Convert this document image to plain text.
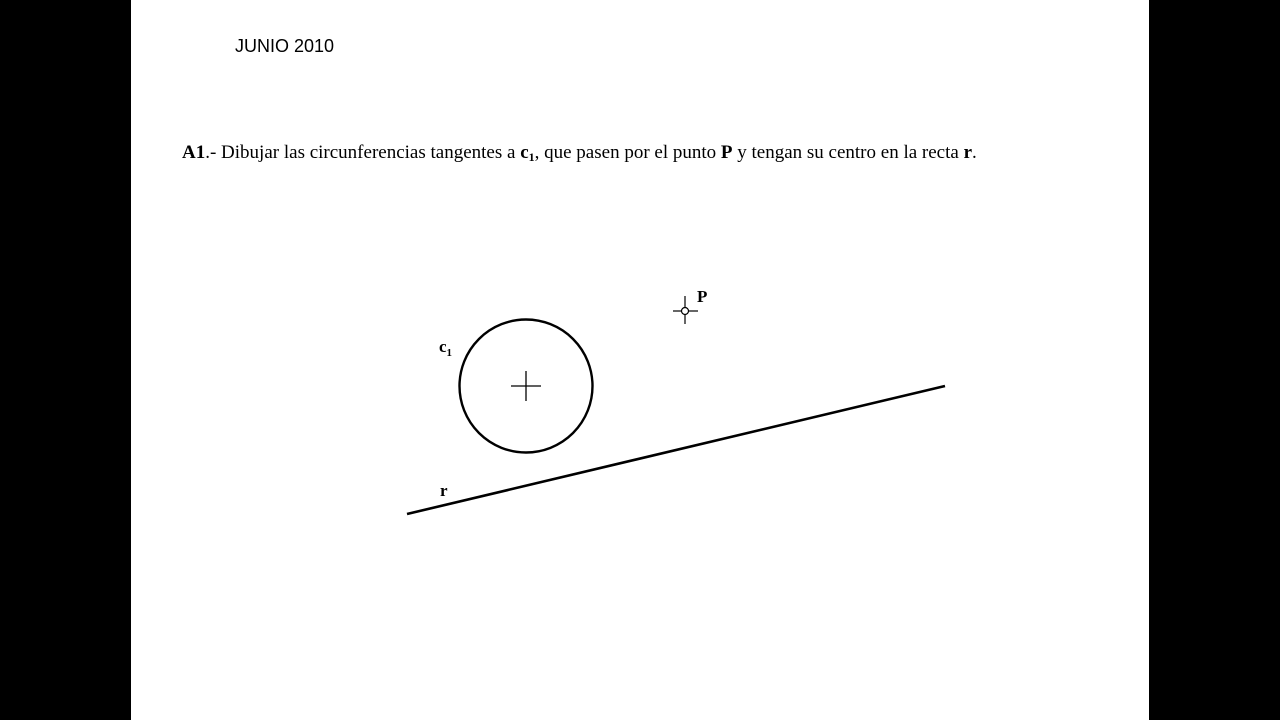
JUNIO 2010
A1.- Dibujar las circunferencias tangentes a $c_1$, que pasen por el punto P y tengan su centro en la recta r.
$c_1$
P
r
